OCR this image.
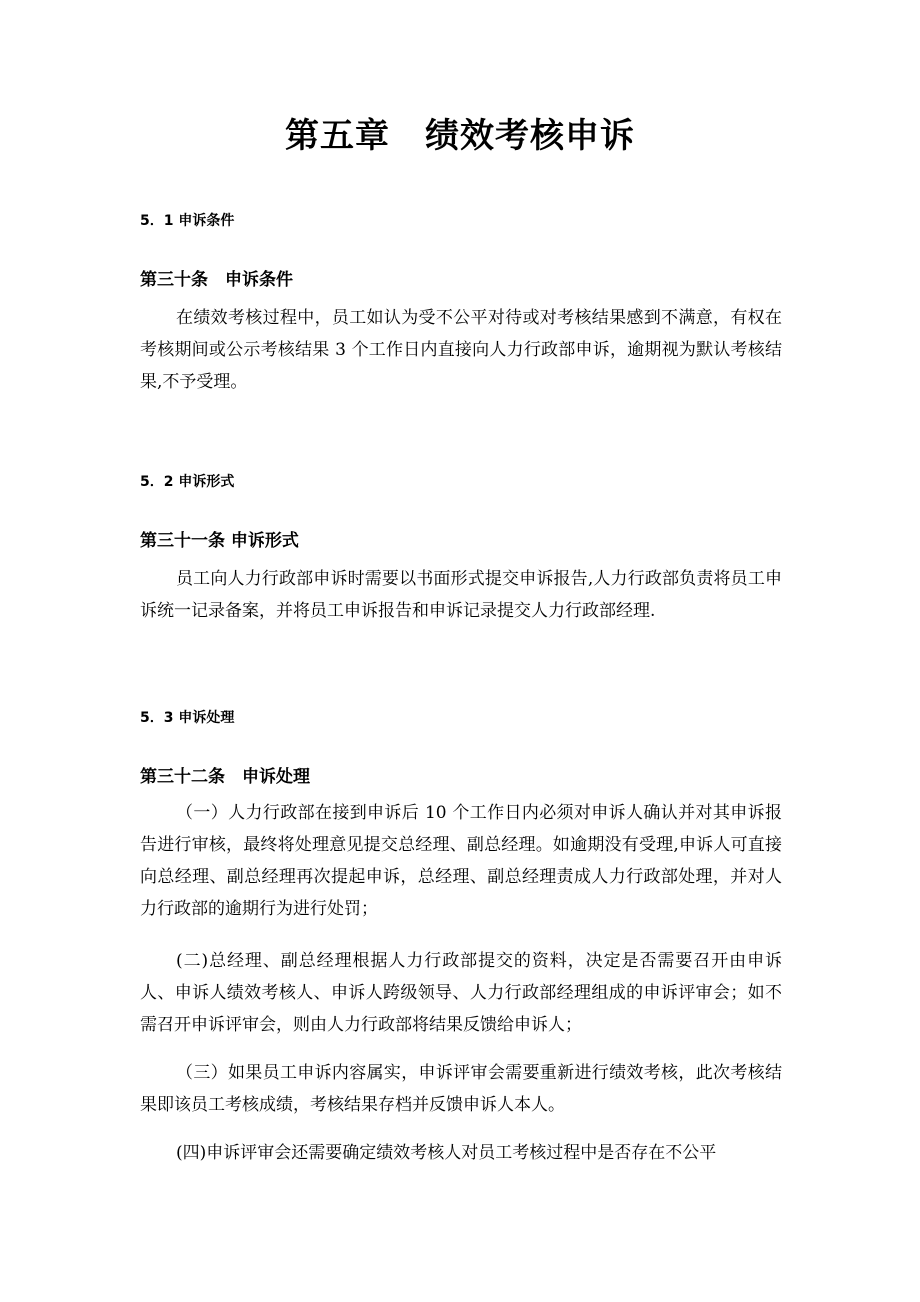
第五章　绩效考核申诉
5．1 申诉条件
第三十条　申诉条件

在绩效考核过程中，员工如认为受不公平对待或对考核结果感到不满意，有权在考核期间或公示考核结果 3 个工作日内直接向人力行政部申诉，逾期视为默认考核结果,不予受理。

5．2 申诉形式
第三十一条 申诉形式

员工向人力行政部申诉时需要以书面形式提交申诉报告,人力行政部负责将员工申诉统一记录备案，并将员工申诉报告和申诉记录提交人力行政部经理.

5．3 申诉处理
第三十二条　申诉处理

（一）人力行政部在接到申诉后 10 个工作日内必须对申诉人确认并对其申诉报告进行审核，最终将处理意见提交总经理、副总经理。如逾期没有受理,申诉人可直接向总经理、副总经理再次提起申诉，总经理、副总经理责成人力行政部处理，并对人力行政部的逾期行为进行处罚；

(二)总经理、副总经理根据人力行政部提交的资料，决定是否需要召开由申诉人、申诉人绩效考核人、申诉人跨级领导、人力行政部经理组成的申诉评审会；如不需召开申诉评审会，则由人力行政部将结果反馈给申诉人；

（三）如果员工申诉内容属实，申诉评审会需要重新进行绩效考核，此次考核结果即该员工考核成绩，考核结果存档并反馈申诉人本人。

(四)申诉评审会还需要确定绩效考核人对员工考核过程中是否存在不公平
